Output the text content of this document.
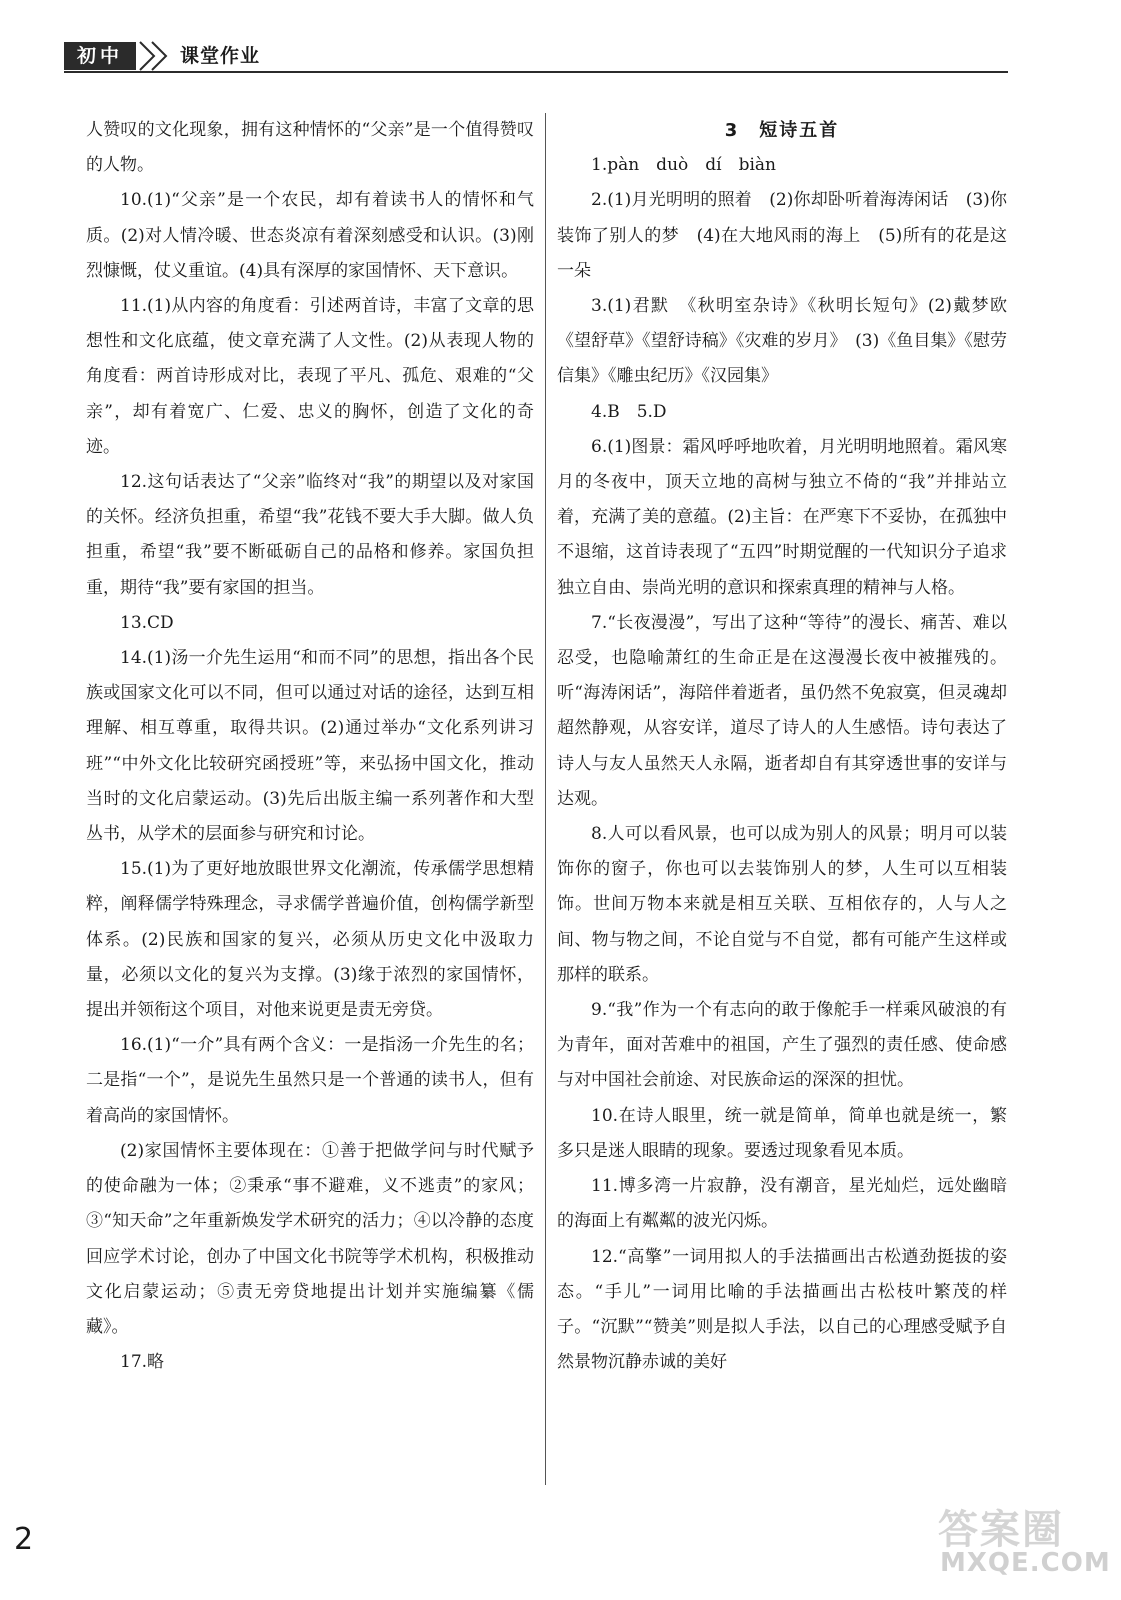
初中	课堂作业

人赞叹的文化现象，拥有这种情怀的“父亲”是一个值得赞叹的人物。

10.(1)“父亲”是一个农民，却有着读书人的情怀和气质。(2)对人情冷暖、世态炎凉有着深刻感受和认识。(3)刚烈慷慨，仗义重谊。(4)具有深厚的家国情怀、天下意识。

11.(1)从内容的角度看：引述两首诗，丰富了文章的思想性和文化底蕴，使文章充满了人文性。(2)从表现人物的角度看：两首诗形成对比，表现了平凡、孤危、艰难的“父亲”，却有着宽广、仁爱、忠义的胸怀，创造了文化的奇迹。

12.这句话表达了“父亲”临终对“我”的期望以及对家国的关怀。经济负担重，希望“我”花钱不要大手大脚。做人负担重，希望“我”要不断砥砺自己的品格和修养。家国负担重，期待“我”要有家国的担当。

13.CD

14.(1)汤一介先生运用“和而不同”的思想，指出各个民族或国家文化可以不同，但可以通过对话的途径，达到互相理解、相互尊重，取得共识。(2)通过举办“文化系列讲习班”“中外文化比较研究函授班”等，来弘扬中国文化，推动当时的文化启蒙运动。(3)先后出版主编一系列著作和大型丛书，从学术的层面参与研究和讨论。

15.(1)为了更好地放眼世界文化潮流，传承儒学思想精粹，阐释儒学特殊理念，寻求儒学普遍价值，创构儒学新型体系。(2)民族和国家的复兴，必须从历史文化中汲取力量，必须以文化的复兴为支撑。(3)缘于浓烈的家国情怀，提出并领衔这个项目，对他来说更是责无旁贷。

16.(1)“一介”具有两个含义：一是指汤一介先生的名；二是指“一个”，是说先生虽然只是一个普通的读书人，但有着高尚的家国情怀。

(2)家国情怀主要体现在：①善于把做学问与时代赋予的使命融为一体；②秉承“事不避难，义不逃责”的家风；③“知天命”之年重新焕发学术研究的活力；④以冷静的态度回应学术讨论，创办了中国文化书院等学术机构，积极推动文化启蒙运动；⑤责无旁贷地提出计划并实施编纂《儒藏》。

17.略

3　短诗五首

1.pàn　duò　dí　biàn

2.(1)月光明明的照着　(2)你却卧听着海涛闲话　(3)你装饰了别人的梦　(4)在大地风雨的海上　(5)所有的花是这一朵

3.(1)君默　《秋明室杂诗》《秋明长短句》(2)戴梦欧　《望舒草》《望舒诗稿》《灾难的岁月》　(3)《鱼目集》《慰劳信集》《雕虫纪历》《汉园集》

4.B　5.D

6.(1)图景：霜风呼呼地吹着，月光明明地照着。霜风寒月的冬夜中，顶天立地的高树与独立不倚的“我”并排站立着，充满了美的意蕴。(2)主旨：在严寒下不妥协，在孤独中不退缩，这首诗表现了“五四”时期觉醒的一代知识分子追求独立自由、崇尚光明的意识和探索真理的精神与人格。

7.“长夜漫漫”，写出了这种“等待”的漫长、痛苦、难以忍受，也隐喻萧红的生命正是在这漫漫长夜中被摧残的。听“海涛闲话”，海陪伴着逝者，虽仍然不免寂寞，但灵魂却超然静观，从容安详，道尽了诗人的人生感悟。诗句表达了诗人与友人虽然天人永隔，逝者却自有其穿透世事的安详与达观。

8.人可以看风景，也可以成为别人的风景；明月可以装饰你的窗子，你也可以去装饰别人的梦，人生可以互相装饰。世间万物本来就是相互关联、互相依存的，人与人之间、物与物之间，不论自觉与不自觉，都有可能产生这样或那样的联系。

9.“我”作为一个有志向的敢于像舵手一样乘风破浪的有为青年，面对苦难中的祖国，产生了强烈的责任感、使命感与对中国社会前途、对民族命运的深深的担忧。

10.在诗人眼里，统一就是简单，简单也就是统一，繁多只是迷人眼睛的现象。要透过现象看见本质。

11.博多湾一片寂静，没有潮音，星光灿烂，远处幽暗的海面上有粼粼的波光闪烁。

12.“高擎”一词用拟人的手法描画出古松遒劲挺拔的姿态。“手儿”一词用比喻的手法描画出古松枝叶繁茂的样子。“沉默”“赞美”则是拟人手法，以自己的心理感受赋予自然景物沉静赤诚的美好

2	答案圈
MXQE.COM
